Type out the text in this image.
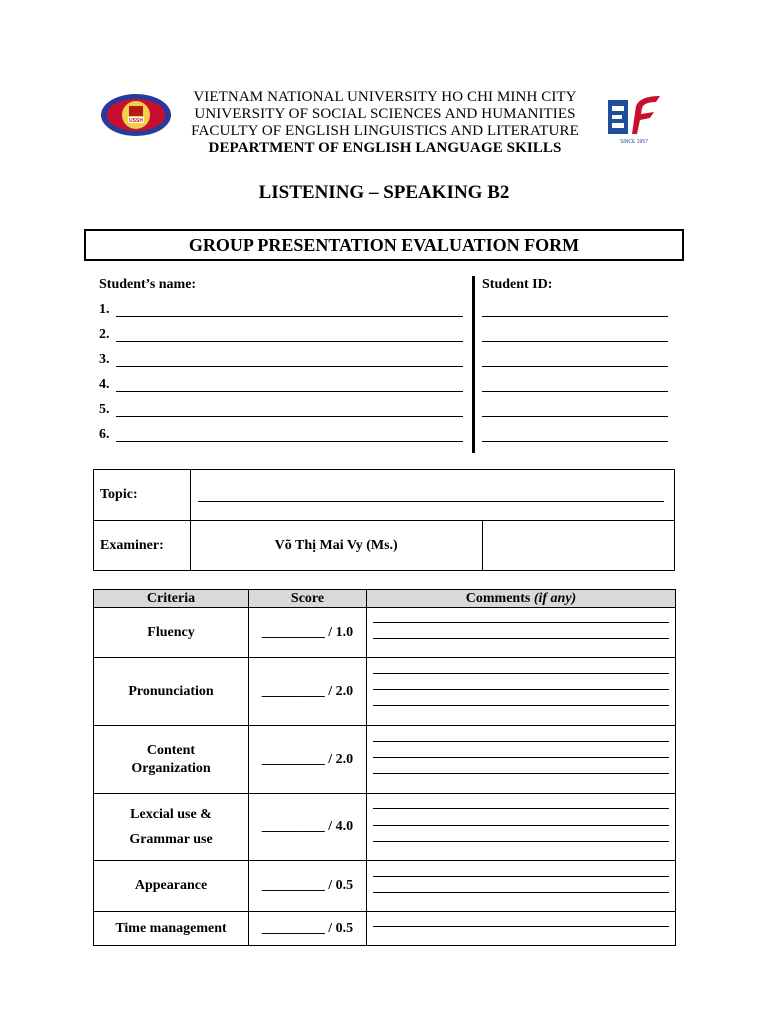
USSH
SINCE 1957
VIETNAM NATIONAL UNIVERSITY HO CHI MINH CITY
UNIVERSITY OF SOCIAL SCIENCES AND HUMANITIES
FACULTY OF ENGLISH LINGUISTICS AND LITERATURE
DEPARTMENT OF ENGLISH LANGUAGE SKILLS
LISTENING – SPEAKING B2
GROUP PRESENTATION EVALUATION FORM
Student’s name:	Student ID:
1.
2.
3.
4.
5.
6.
Topic:		

Examiner:	Võ Thị Mai Vy (Ms.)	
Criteria	Score	Comments (if any)
Fluency	_________ / 1.0	

Pronunciation	_________ / 2.0	

Content
Organization	_________ / 2.0	

Lexcial use &
Grammar use	_________ / 4.0	

Appearance	_________ / 0.5	

Time management	_________ / 0.5	
